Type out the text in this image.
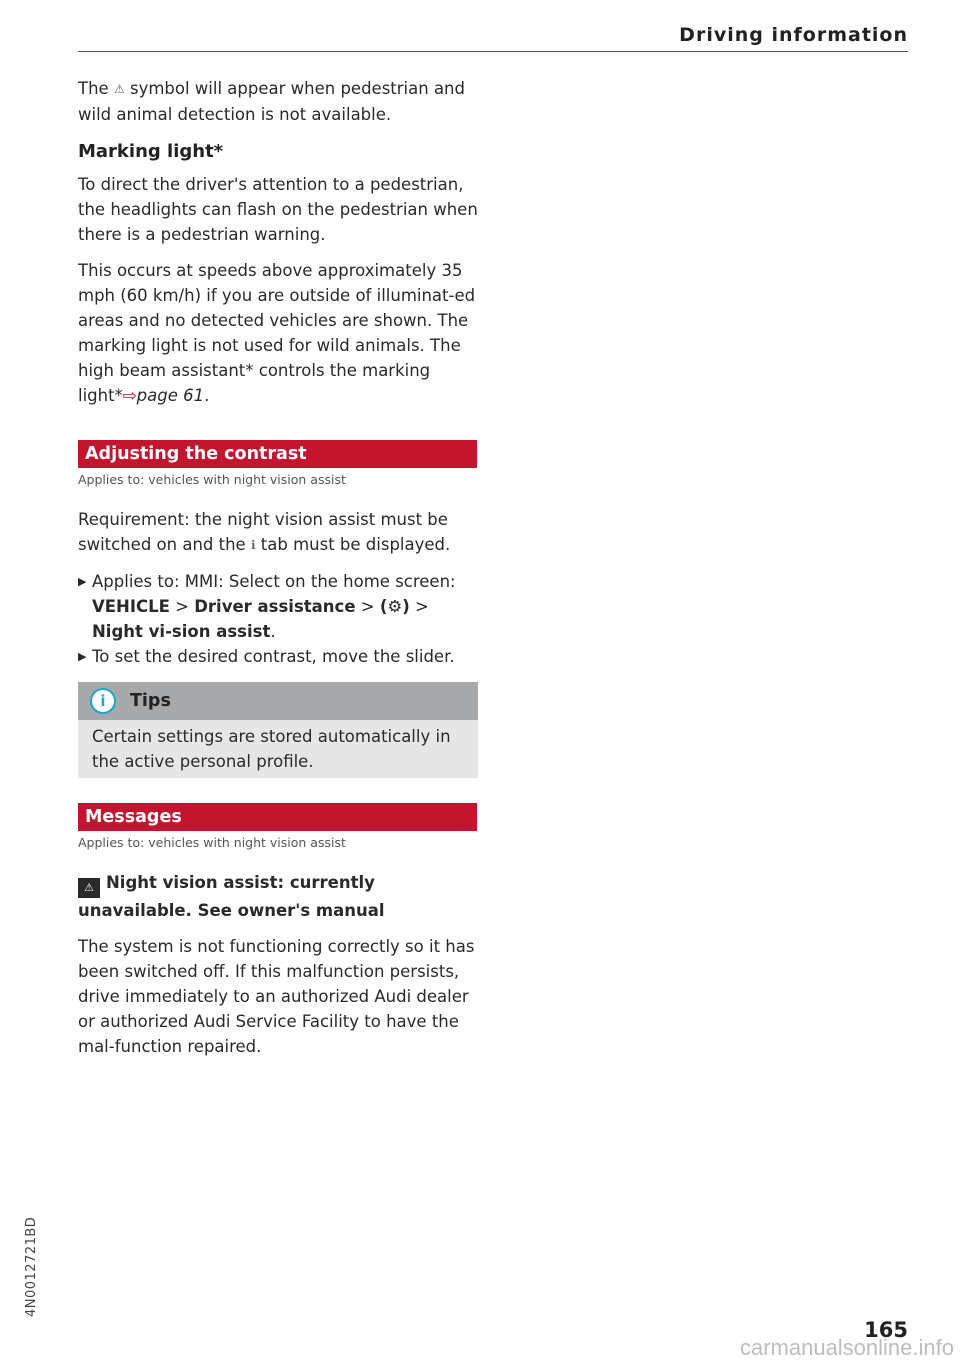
Driving information

The ⚠ symbol will appear when pedestrian and wild animal detection is not available.

Marking light*

To direct the driver's attention to a pedestrian, the headlights can flash on the pedestrian when there is a pedestrian warning.

This occurs at speeds above approximately 35 mph (60 km/h) if you are outside of illuminat-ed areas and no detected vehicles are shown. The marking light is not used for wild animals. The high beam assistant* controls the marking light*⇨page 61.

Adjusting the contrast
Applies to: vehicles with night vision assist

Requirement: the night vision assist must be switched on and the ℹ tab must be displayed.

▶ Applies to: MMI: Select on the home screen: VEHICLE > Driver assistance > (⚙) > Night vi-sion assist.
▶ To set the desired contrast, move the slider.
i	Tips

Certain settings are stored automatically in the active personal profile.

Messages
Applies to: vehicles with night vision assist

⚠ Night vision assist: currently unavailable. See owner's manual

The system is not functioning correctly so it has been switched off. If this malfunction persists, drive immediately to an authorized Audi dealer or authorized Audi Service Facility to have the mal-function repaired.

4N0012721BD
165
carmanualsonline.info
